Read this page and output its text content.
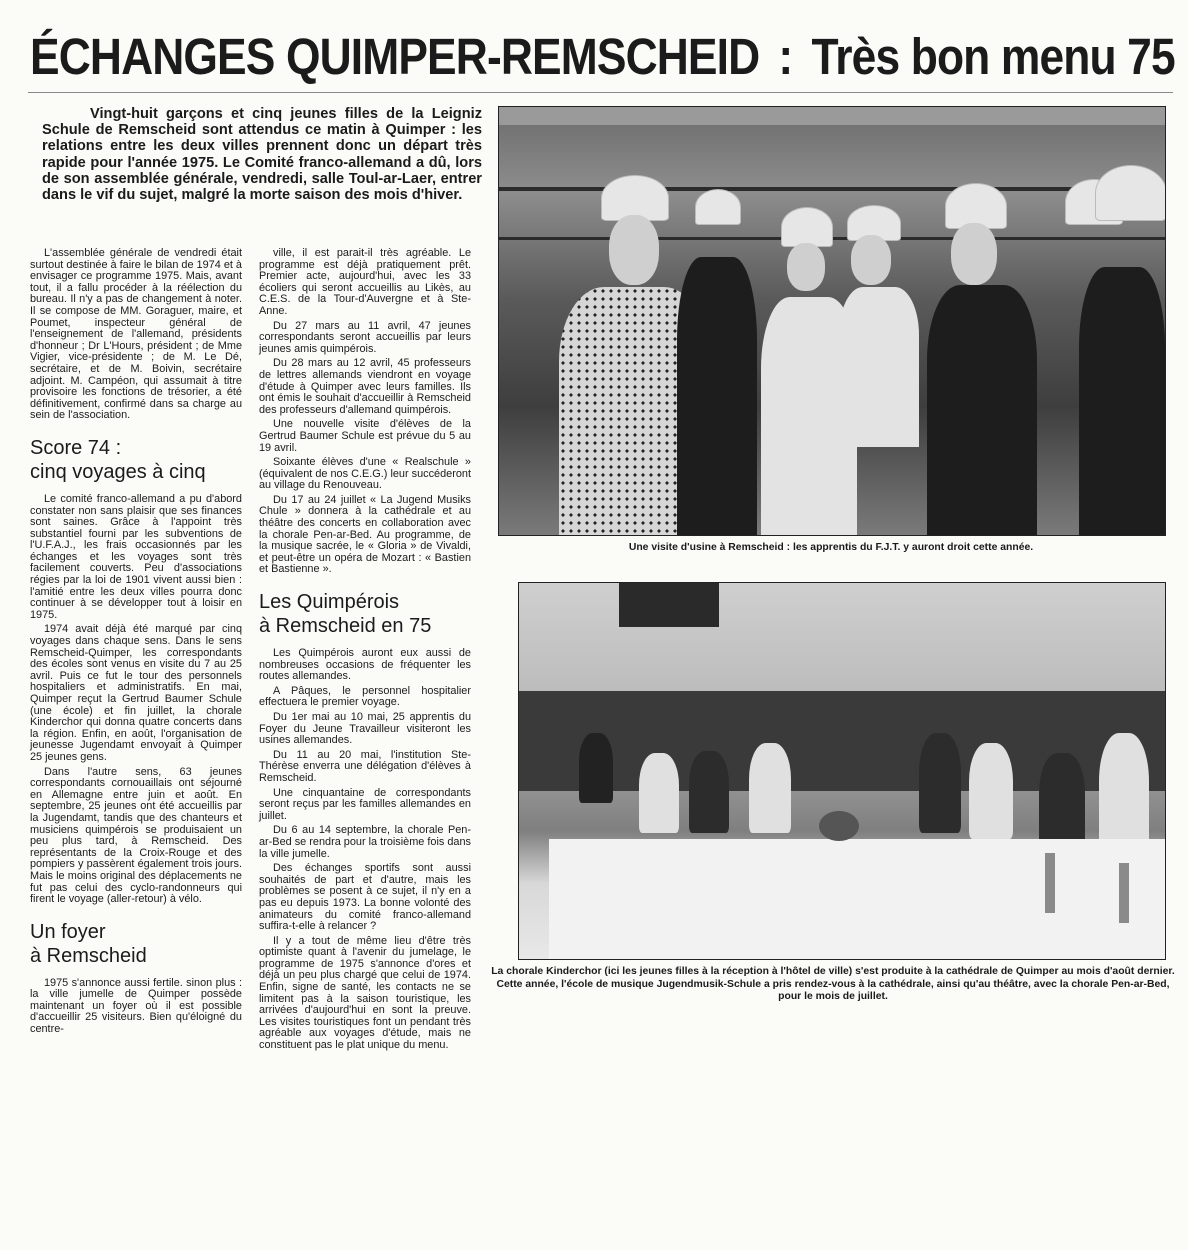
ÉCHANGES QUIMPER-REMSCHEID : Très bon menu 75

Vingt-huit garçons et cinq jeunes filles de la Leigniz Schule de Remscheid sont attendus ce matin à Quimper : les relations entre les deux villes prennent donc un départ très rapide pour l'année 1975. Le Comité franco-allemand a dû, lors de son assemblée générale, vendredi, salle Toul-ar-Laer, entrer dans le vif du sujet, malgré la morte saison des mois d'hiver.

L'assemblée générale de vendredi était surtout destinée à faire le bilan de 1974 et à envisager ce programme 1975. Mais, avant tout, il a fallu procéder à la réélection du bureau. Il n'y a pas de changement à noter. Il se compose de MM. Goraguer, maire, et Poumet, inspecteur général de l'enseignement de l'allemand, présidents d'honneur ; Dr L'Hours, président ; de Mme Vigier, vice-présidente ; de M. Le Dé, secrétaire, et de M. Boivin, secrétaire adjoint. M. Campéon, qui assumait à titre provisoire les fonctions de trésorier, a été définitivement, confirmé dans sa charge au sein de l'association.

Score 74 :
cinq voyages à cinq

Le comité franco-allemand a pu d'abord constater non sans plaisir que ses finances sont saines. Grâce à l'appoint très substantiel fourni par les subventions de l'U.F.A.J., les frais occasionnés par les échanges et les voyages sont très facilement couverts. Peu d'associations régies par la loi de 1901 vivent aussi bien : l'amitié entre les deux villes pourra donc continuer à se développer tout à loisir en 1975.

1974 avait déjà été marqué par cinq voyages dans chaque sens. Dans le sens Remscheid-Quimper, les correspondants des écoles sont venus en visite du 7 au 25 avril. Puis ce fut le tour des personnels hospitaliers et administratifs. En mai, Quimper reçut la Gertrud Baumer Schule (une école) et fin juillet, la chorale Kinderchor qui donna quatre concerts dans la région. Enfin, en août, l'organisation de jeunesse Jugendamt envoyait à Quimper 25 jeunes gens.

Dans l'autre sens, 63 jeunes correspondants cornouaillais ont séjourné en Allemagne entre juin et août. En septembre, 25 jeunes ont été accueillis par la Jugendamt, tandis que des chanteurs et musiciens quimpérois se produisaient un peu plus tard, à Remscheid. Des représentants de la Croix-Rouge et des pompiers y passèrent également trois jours. Mais le moins original des déplacements ne fut pas celui des cyclo-randonneurs qui firent le voyage (aller-retour) à vélo.

Un foyer
à Remscheid

1975 s'annonce aussi fertile. sinon plus : la ville jumelle de Quimper possède maintenant un foyer où il est possible d'accueillir 25 visiteurs. Bien qu'éloigné du centre-

ville, il est parait-il très agréable. Le programme est déjà pratiquement prêt. Premier acte, aujourd'hui, avec les 33 écoliers qui seront accueillis au Likès, au C.E.S. de la Tour-d'Auvergne et à Ste-Anne.

Du 27 mars au 11 avril, 47 jeunes correspondants seront accueillis par leurs jeunes amis quimpérois.

Du 28 mars au 12 avril, 45 professeurs de lettres allemands viendront en voyage d'étude à Quimper avec leurs familles. Ils ont émis le souhait d'accueillir à Remscheid des professeurs d'allemand quimpérois.

Une nouvelle visite d'élèves de la Gertrud Baumer Schule est prévue du 5 au 19 avril.

Soixante élèves d'une « Realschule » (équivalent de nos C.E.G.) leur succéderont au village du Renouveau.

Du 17 au 24 juillet « La Jugend Musiks Chule » donnera à la cathédrale et au théâtre des concerts en collaboration avec la chorale Pen-ar-Bed. Au programme, de la musique sacrée, le « Gloria » de Vivaldi, et peut-être un opéra de Mozart : « Bastien et Bastienne ».

Les Quimpérois
à Remscheid en 75

Les Quimpérois auront eux aussi de nombreuses occasions de fréquenter les routes allemandes.

A Pâques, le personnel hospitalier effectuera le premier voyage.

Du 1er mai au 10 mai, 25 apprentis du Foyer du Jeune Travailleur visiteront les usines allemandes.

Du 11 au 20 mai, l'institution Ste-Thérèse enverra une délégation d'élèves à Remscheid.

Une cinquantaine de correspondants seront reçus par les familles allemandes en juillet.

Du 6 au 14 septembre, la chorale Pen-ar-Bed se rendra pour la troisième fois dans la ville jumelle.

Des échanges sportifs sont aussi souhaités de part et d'autre, mais les problèmes se posent à ce sujet, il n'y en a pas eu depuis 1973. La bonne volonté des animateurs du comité franco-allemand suffira-t-elle à relancer ?

Il y a tout de même lieu d'être très optimiste quant à l'avenir du jumelage, le programme de 1975 s'annonce d'ores et déjà un peu plus chargé que celui de 1974. Enfin, signe de santé, les contacts ne se limitent pas à la saison touristique, les arrivées d'aujourd'hui en sont la preuve. Les visites touristiques font un pendant très agréable aux voyages d'étude, mais ne constituent pas le plat unique du menu.

Une visite d'usine à Remscheid : les apprentis du F.J.T. y auront droit cette année.

La chorale Kinderchor (ici les jeunes filles à la réception à l'hôtel de ville) s'est produite à la cathédrale de Quimper au mois d'août dernier. Cette année, l'école de musique Jugendmusik-Schule a pris rendez-vous à la cathédrale, ainsi qu'au théâtre, avec la chorale Pen-ar-Bed, pour le mois de juillet.
